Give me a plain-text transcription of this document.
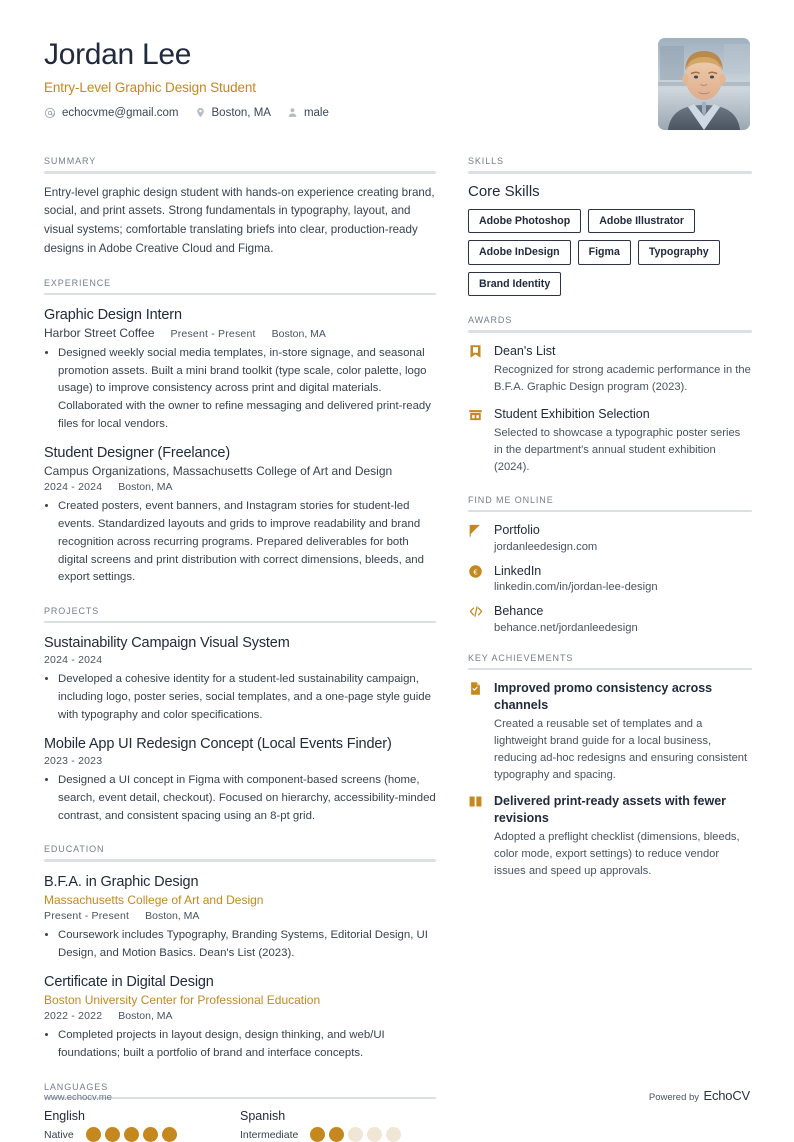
Jordan Lee
Entry-Level Graphic Design Student
echocvme@gmail.com	Boston, MA	male
SUMMARY
Entry-level graphic design student with hands-on experience creating brand, social, and print assets. Strong fundamentals in typography, layout, and visual systems; comfortable translating briefs into clear, production-ready designs in Adobe Creative Cloud and Figma.
EXPERIENCE
Graphic Design Intern
Harbor Street Coffee Present - Present Boston, MA
• Designed weekly social media templates, in-store signage, and seasonal promotion assets. Built a mini brand toolkit (type scale, color palette, logo usage) to improve consistency across print and digital materials. Collaborated with the owner to refine messaging and delivered print-ready files for local vendors.
Student Designer (Freelance)
Campus Organizations, Massachusetts College of Art and Design
2024 - 2024 Boston, MA
• Created posters, event banners, and Instagram stories for student-led events. Standardized layouts and grids to improve readability and brand recognition across recurring programs. Prepared deliverables for both digital screens and print distribution with correct dimensions, bleeds, and export settings.
PROJECTS
Sustainability Campaign Visual System
2024 - 2024
• Developed a cohesive identity for a student-led sustainability campaign, including logo, poster series, social templates, and a one-page style guide with typography and color specifications.
Mobile App UI Redesign Concept (Local Events Finder)
2023 - 2023
• Designed a UI concept in Figma with component-based screens (home, search, event detail, checkout). Focused on hierarchy, accessibility-minded contrast, and consistent spacing using an 8-pt grid.
EDUCATION
B.F.A. in Graphic Design
Massachusetts College of Art and Design
Present - Present Boston, MA
• Coursework includes Typography, Branding Systems, Editorial Design, UI Design, and Motion Basics. Dean's List (2023).
Certificate in Digital Design
Boston University Center for Professional Education
2022 - 2022 Boston, MA
• Completed projects in layout design, design thinking, and web/UI foundations; built a portfolio of brand and interface concepts.
LANGUAGES
English
Native
Spanish
Intermediate
SKILLS
Core Skills
Adobe Photoshop	Adobe Illustrator
Adobe InDesign	Figma	Typography
Brand Identity
AWARDS
Dean's List
Recognized for strong academic performance in the B.F.A. Graphic Design program (2023).
Student Exhibition Selection
Selected to showcase a typographic poster series in the department's annual student exhibition (2024).
FIND ME ONLINE
Portfolio
jordanleedesign.com
€ LinkedIn
linkedin.com/in/jordan-lee-design
Behance
behance.net/jordanleedesign
KEY ACHIEVEMENTS
Improved promo consistency across channels
Created a reusable set of templates and a lightweight brand guide for a local business, reducing ad-hoc redesigns and ensuring consistent typography and spacing.
Delivered print-ready assets with fewer revisions
Adopted a preflight checklist (dimensions, bleeds, color mode, export settings) to reduce vendor issues and speed up approvals.
www.echocv.me	Powered by EchoCV
